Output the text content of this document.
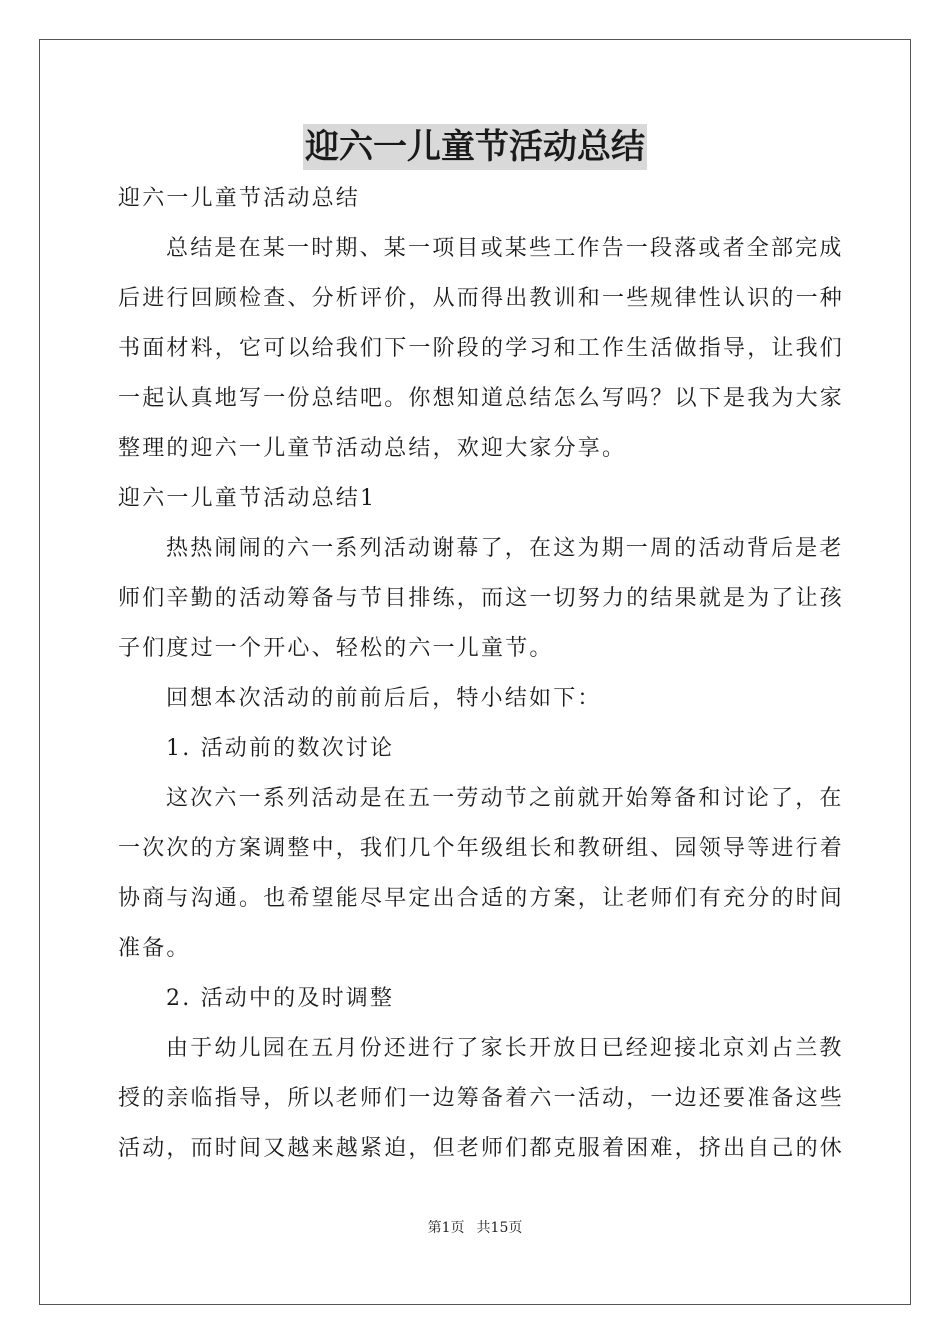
迎六一儿童节活动总结

迎六一儿童节活动总结

总结是在某一时期、某一项目或某些工作告一段落或者全部完成

后进行回顾检查、分析评价，从而得出教训和一些规律性认识的一种

书面材料，它可以给我们下一阶段的学习和工作生活做指导，让我们

一起认真地写一份总结吧。你想知道总结怎么写吗？以下是我为大家

整理的迎六一儿童节活动总结，欢迎大家分享。

迎六一儿童节活动总结1

热热闹闹的六一系列活动谢幕了，在这为期一周的活动背后是老

师们辛勤的活动筹备与节目排练，而这一切努力的结果就是为了让孩

子们度过一个开心、轻松的六一儿童节。

回想本次活动的前前后后，特小结如下：

1. 活动前的数次讨论

这次六一系列活动是在五一劳动节之前就开始筹备和讨论了，在

一次次的方案调整中，我们几个年级组长和教研组、园领导等进行着

协商与沟通。也希望能尽早定出合适的方案，让老师们有充分的时间

准备。

2. 活动中的及时调整

由于幼儿园在五月份还进行了家长开放日已经迎接北京刘占兰教

授的亲临指导，所以老师们一边筹备着六一活动，一边还要准备这些

活动，而时间又越来越紧迫，但老师们都克服着困难，挤出自己的休

第1页 共15页
